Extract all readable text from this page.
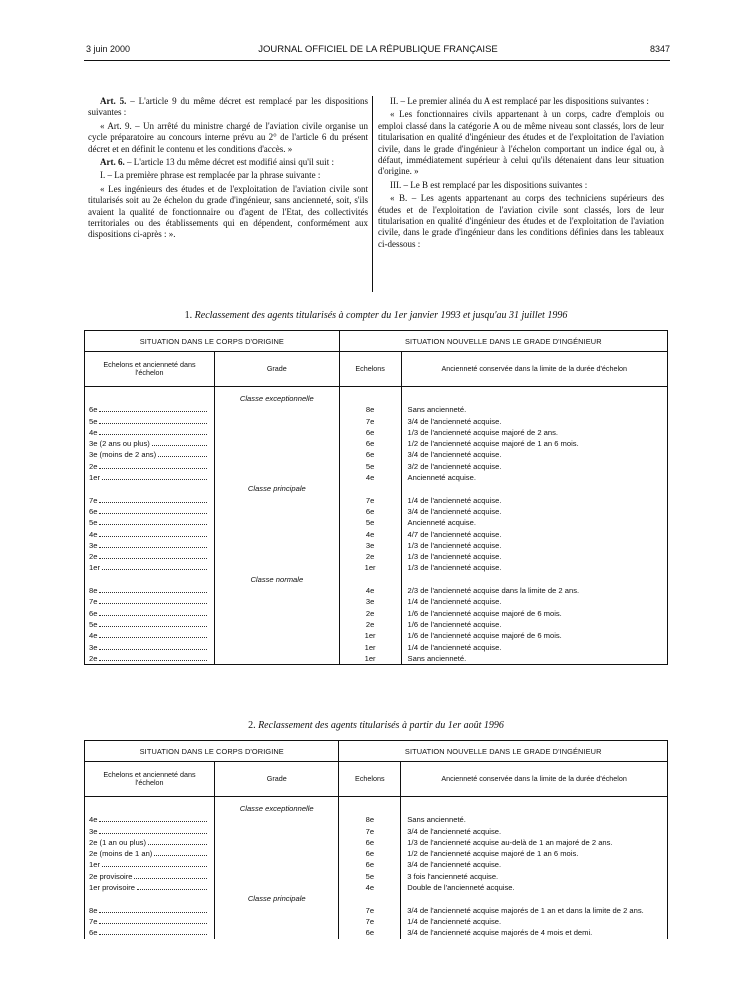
3 juin 2000	JOURNAL OFFICIEL DE LA RÉPUBLIQUE FRANÇAISE	8347

Art. 5. – L'article 9 du même décret est remplacé par les dispositions suivantes :

« Art. 9. – Un arrêté du ministre chargé de l'aviation civile organise un cycle préparatoire au concours interne prévu au 2° de l'article 6 du présent décret et en définit le contenu et les conditions d'accès. »

Art. 6. – L'article 13 du même décret est modifié ainsi qu'il suit :

I. – La première phrase est remplacée par la phrase suivante :

« Les ingénieurs des études et de l'exploitation de l'aviation civile sont titularisés soit au 2e échelon du grade d'ingénieur, sans ancienneté, soit, s'ils avaient la qualité de fonctionnaire ou d'agent de l'Etat, des collectivités territoriales ou des établissements qui en dépendent, conformément aux dispositions ci-après : ».

II. – Le premier alinéa du A est remplacé par les dispositions suivantes :

« Les fonctionnaires civils appartenant à un corps, cadre d'emplois ou emploi classé dans la catégorie A ou de même niveau sont classés, lors de leur titularisation en qualité d'ingénieur des études et de l'exploitation de l'aviation civile, dans le grade d'ingénieur à l'échelon comportant un indice égal ou, à défaut, immédiatement supérieur à celui qu'ils détenaient dans leur situation d'origine. »

III. – Le B est remplacé par les dispositions suivantes :

« B. – Les agents appartenant au corps des techniciens supérieurs des études et de l'exploitation de l'aviation civile sont classés, lors de leur titularisation en qualité d'ingénieur des études et de l'exploitation de l'aviation civile, dans le grade d'ingénieur dans les conditions définies dans les tableaux ci-dessous :

1. Reclassement des agents titularisés à compter du 1er janvier 1993 et jusqu'au 31 juillet 1996
SITUATION DANS LE CORPS D'ORIGINE		SITUATION NOUVELLE DANS LE GRADE D'INGÉNIEUR	
Echelons et ancienneté dans l'échelon	Grade	Echelons	Ancienneté conservée dans la limite de la durée d'échelon

	Classe exceptionnelle		
6e		8e	Sans ancienneté.
5e		7e	3/4 de l'ancienneté acquise.
4e		6e	1/3 de l'ancienneté acquise majoré de 2 ans.
3e (2 ans ou plus)		6e	1/2 de l'ancienneté acquise majoré de 1 an 6 mois.
3e (moins de 2 ans)		6e	3/4 de l'ancienneté acquise.
2e		5e	3/2 de l'ancienneté acquise.
1er		4e	Ancienneté acquise.
	Classe principale		
7e		7e	1/4 de l'ancienneté acquise.
6e		6e	3/4 de l'ancienneté acquise.
5e		5e	Ancienneté acquise.
4e		4e	4/7 de l'ancienneté acquise.
3e		3e	1/3 de l'ancienneté acquise.
2e		2e	1/3 de l'ancienneté acquise.
1er		1er	1/3 de l'ancienneté acquise.
	Classe normale		
8e		4e	2/3 de l'ancienneté acquise dans la limite de 2 ans.
7e		3e	1/4 de l'ancienneté acquise.
6e		2e	1/6 de l'ancienneté acquise majoré de 6 mois.
5e		2e	1/6 de l'ancienneté acquise.
4e		1er	1/6 de l'ancienneté acquise majoré de 6 mois.
3e		1er	1/4 de l'ancienneté acquise.
2e		1er	Sans ancienneté.
2. Reclassement des agents titularisés à partir du 1er août 1996
SITUATION DANS LE CORPS D'ORIGINE		SITUATION NOUVELLE DANS LE GRADE D'INGÉNIEUR	
Echelons et ancienneté dans l'échelon	Grade	Echelons	Ancienneté conservée dans la limite de la durée d'échelon

	Classe exceptionnelle		
4e		8e	Sans ancienneté.
3e		7e	3/4 de l'ancienneté acquise.
2e (1 an ou plus)		6e	1/3 de l'ancienneté acquise au-delà de 1 an majoré de 2 ans.
2e (moins de 1 an)		6e	1/2 de l'ancienneté acquise majoré de 1 an 6 mois.
1er		6e	3/4 de l'ancienneté acquise.
2e provisoire		5e	3 fois l'ancienneté acquise.
1er provisoire		4e	Double de l'ancienneté acquise.
	Classe principale		
8e		7e	3/4 de l'ancienneté acquise majorés de 1 an et dans la limite de 2 ans.
7e		7e	1/4 de l'ancienneté acquise.
6e		6e	3/4 de l'ancienneté acquise majorés de 4 mois et demi.
